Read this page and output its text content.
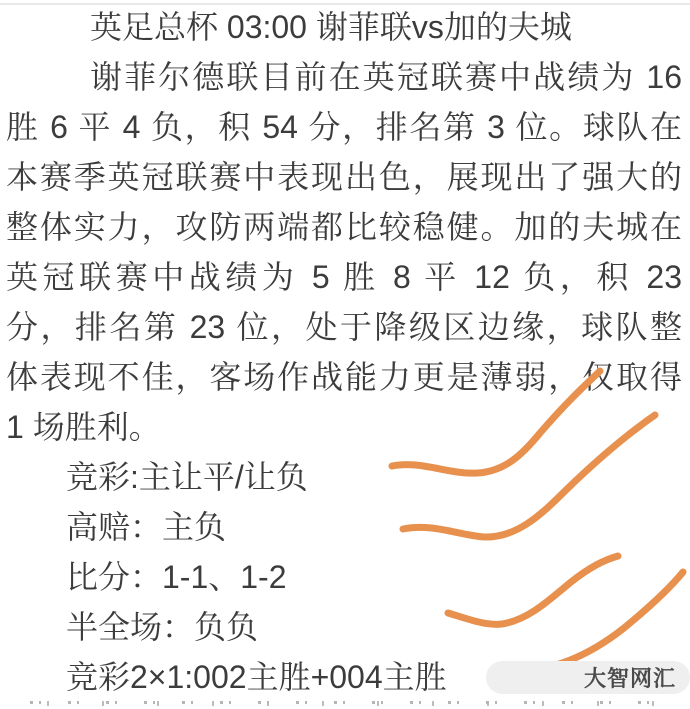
英足总杯 03:00 谢菲联vs加的夫城
谢菲尔德联目前在英冠联赛中战绩为 16
胜 6 平 4 负，积 54 分，排名第 3 位。球队在
本赛季英冠联赛中表现出色，展现出了强大的
整体实力，攻防两端都比较稳健。加的夫城在
英冠联赛中战绩为 5 胜 8 平 12 负，积 23
分，排名第 23 位，处于降级区边缘，球队整
体表现不佳，客场作战能力更是薄弱，仅取得
1 场胜利。
竞彩:主让平/让负
高赔：主负
比分：1-1、1-2
半全场：负负
竞彩2×1:002主胜+004主胜	大智网汇
